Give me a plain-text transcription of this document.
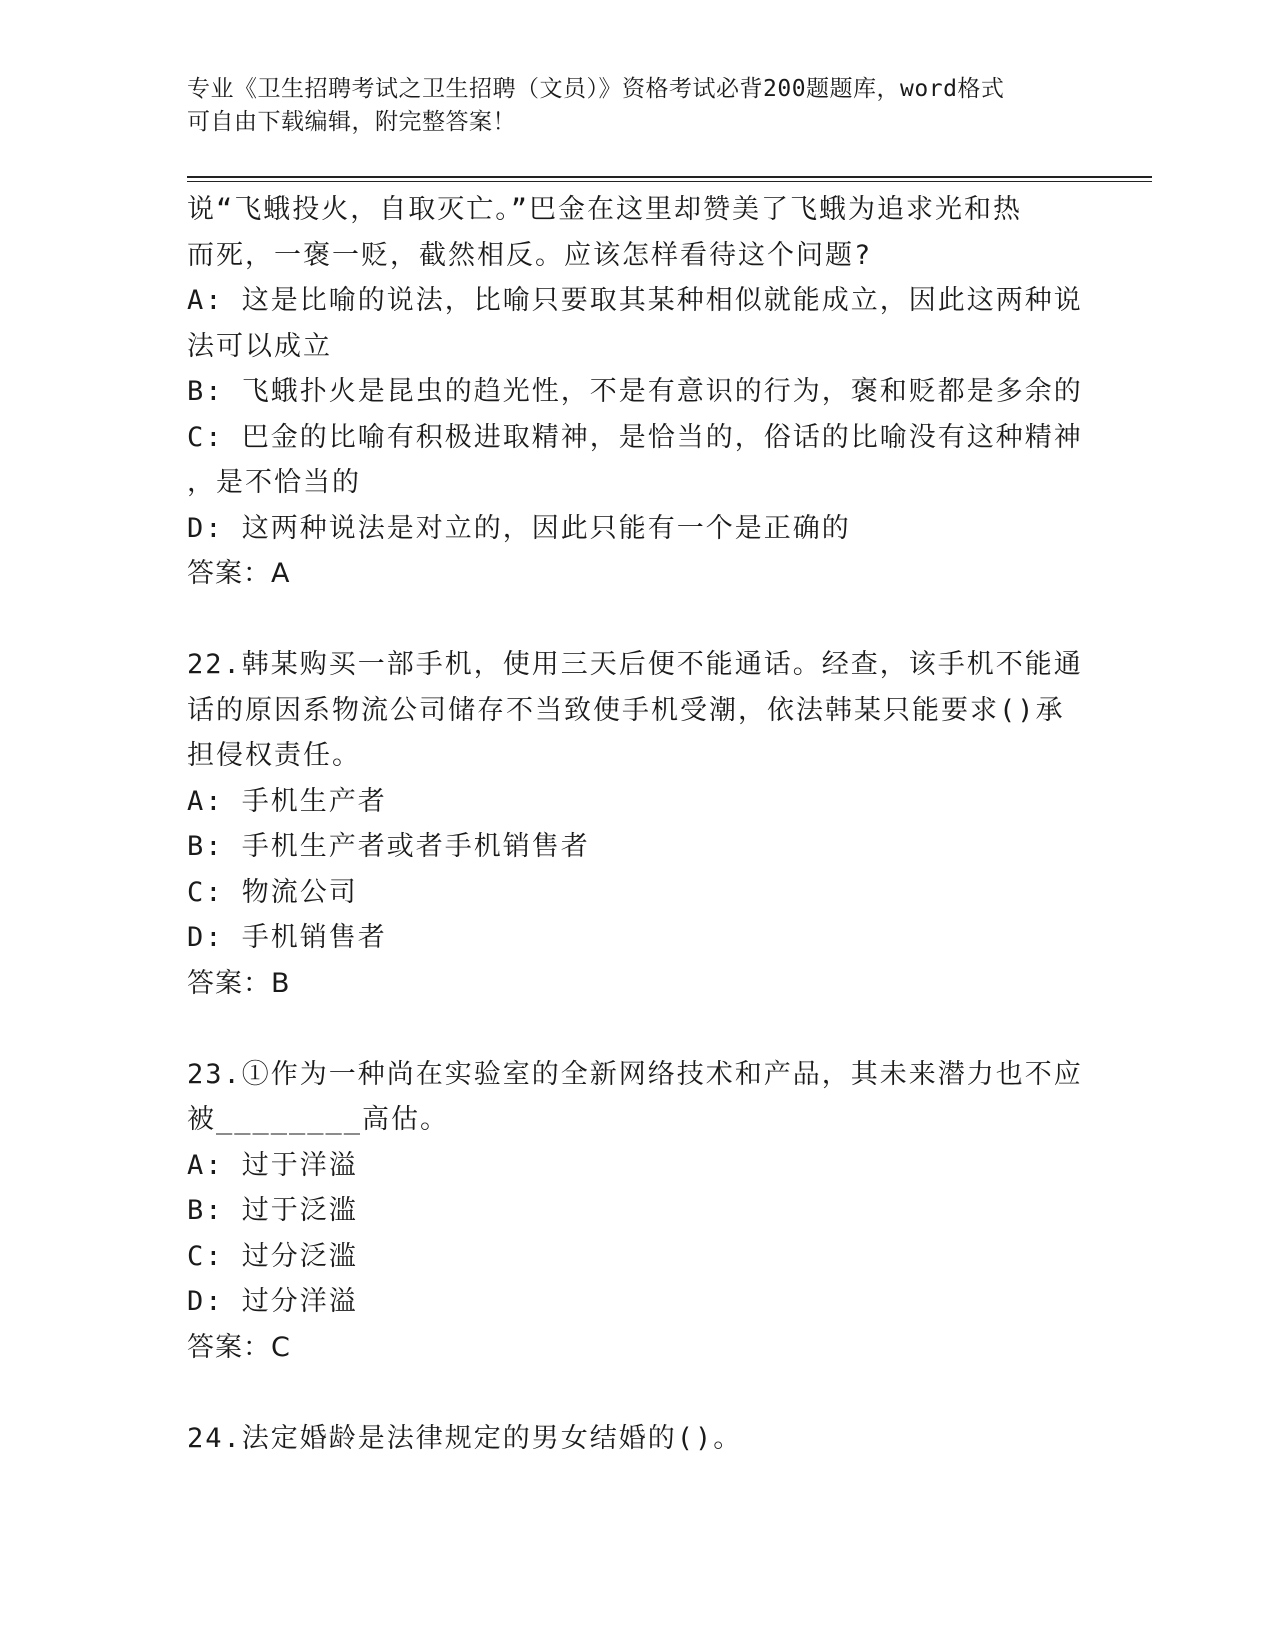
专业《卫生招聘考试之卫生招聘（文员）》资格考试必背200题题库，word格式
可自由下载编辑，附完整答案！

说“飞蛾投火，自取灭亡。”巴金在这里却赞美了飞蛾为追求光和热

而死，一褒一贬，截然相反。应该怎样看待这个问题?

A: 这是比喻的说法，比喻只要取其某种相似就能成立，因此这两种说

法可以成立

B: 飞蛾扑火是昆虫的趋光性，不是有意识的行为，褒和贬都是多余的

C: 巴金的比喻有积极进取精神，是恰当的，俗话的比喻没有这种精神

，是不恰当的

D: 这两种说法是对立的，因此只能有一个是正确的

答案：A

22.韩某购买一部手机，使用三天后便不能通话。经查，该手机不能通

话的原因系物流公司储存不当致使手机受潮，依法韩某只能要求()承

担侵权责任。

A: 手机生产者

B: 手机生产者或者手机销售者

C: 物流公司

D: 手机销售者

答案：B

23.①作为一种尚在实验室的全新网络技术和产品，其未来潜力也不应

被________高估。

A: 过于洋溢

B: 过于泛滥

C: 过分泛滥

D: 过分洋溢

答案：C

24.法定婚龄是法律规定的男女结婚的()。
